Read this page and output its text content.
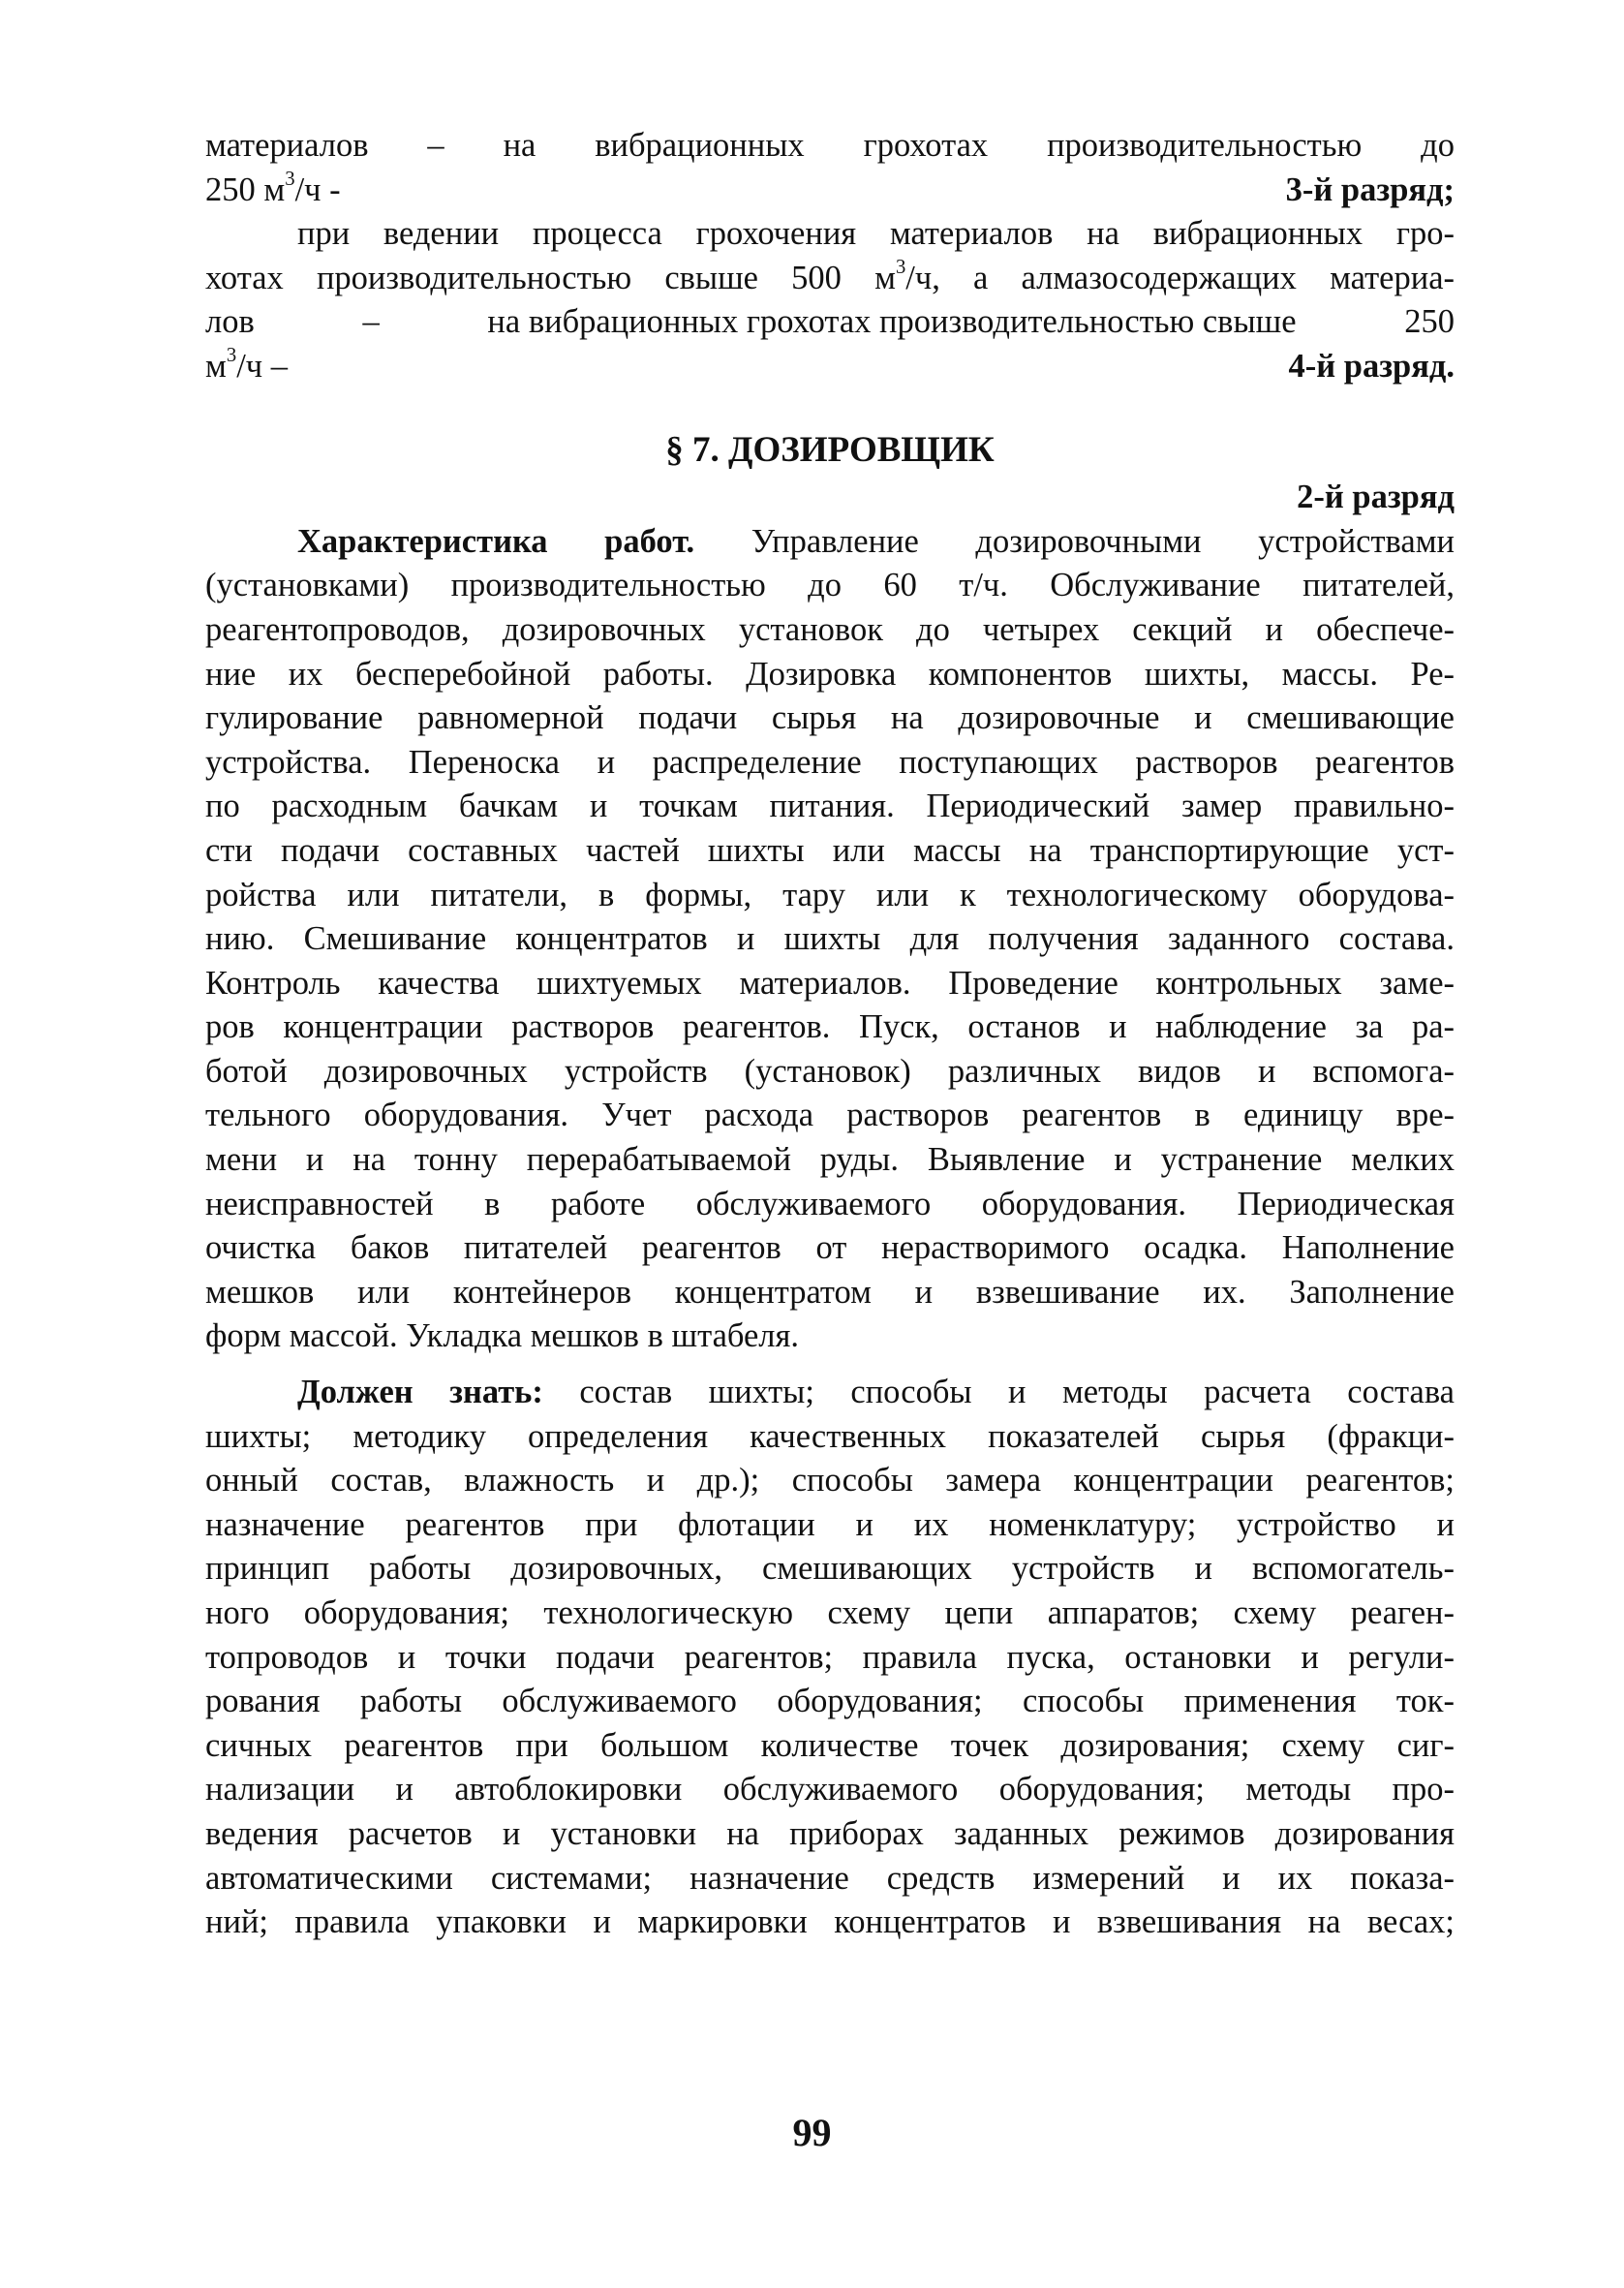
материалов – на вибрационных грохотах производительностью до
250 $м^3/ч$ -	3-й разряд;
при ведении процесса грохочения материалов на вибрационных гро-
хотах производительностью свыше 500 $м^3/ч$, а алмазосодержащих материа-
лов	–	на вибрационных грохотах производительностью свыше	250
$м^3/ч$ –	4-й разряд.
§ 7. ДОЗИРОВЩИК
2-й разряд
Характеристика работ. Управление дозировочными устройствами
(установками) производительностью до 60 т/ч. Обслуживание питателей,
реагентопроводов, дозировочных установок до четырех секций и обеспече-
ние их бесперебойной работы. Дозировка компонентов шихты, массы. Ре-
гулирование равномерной подачи сырья на дозировочные и смешивающие
устройства. Переноска и распределение поступающих растворов реагентов
по расходным бачкам и точкам питания. Периодический замер правильно-
сти подачи составных частей шихты или массы на транспортирующие уст-
ройства или питатели, в формы, тару или к технологическому оборудова-
нию. Смешивание концентратов и шихты для получения заданного состава.
Контроль качества шихтуемых материалов. Проведение контрольных заме-
ров концентрации растворов реагентов. Пуск, останов и наблюдение за ра-
ботой дозировочных устройств (установок) различных видов и вспомога-
тельного оборудования. Учет расхода растворов реагентов в единицу вре-
мени и на тонну перерабатываемой руды. Выявление и устранение мелких
неисправностей в работе обслуживаемого оборудования. Периодическая
очистка баков питателей реагентов от нерастворимого осадка. Наполнение
мешков или контейнеров концентратом и взвешивание их. Заполнение
форм массой. Укладка мешков в штабеля.
Должен знать: состав шихты; способы и методы расчета состава
шихты; методику определения качественных показателей сырья (фракци-
онный состав, влажность и др.); способы замера концентрации реагентов;
назначение реагентов при флотации и их номенклатуру; устройство и
принцип работы дозировочных, смешивающих устройств и вспомогатель-
ного оборудования; технологическую схему цепи аппаратов; схему реаген-
топроводов и точки подачи реагентов; правила пуска, остановки и регули-
рования работы обслуживаемого оборудования; способы применения ток-
сичных реагентов при большом количестве точек дозирования; схему сиг-
нализации и автоблокировки обслуживаемого оборудования; методы про-
ведения расчетов и установки на приборах заданных режимов дозирования
автоматическими системами; назначение средств измерений и их показа-
ний; правила упаковки и маркировки концентратов и взвешивания на весах;
99
